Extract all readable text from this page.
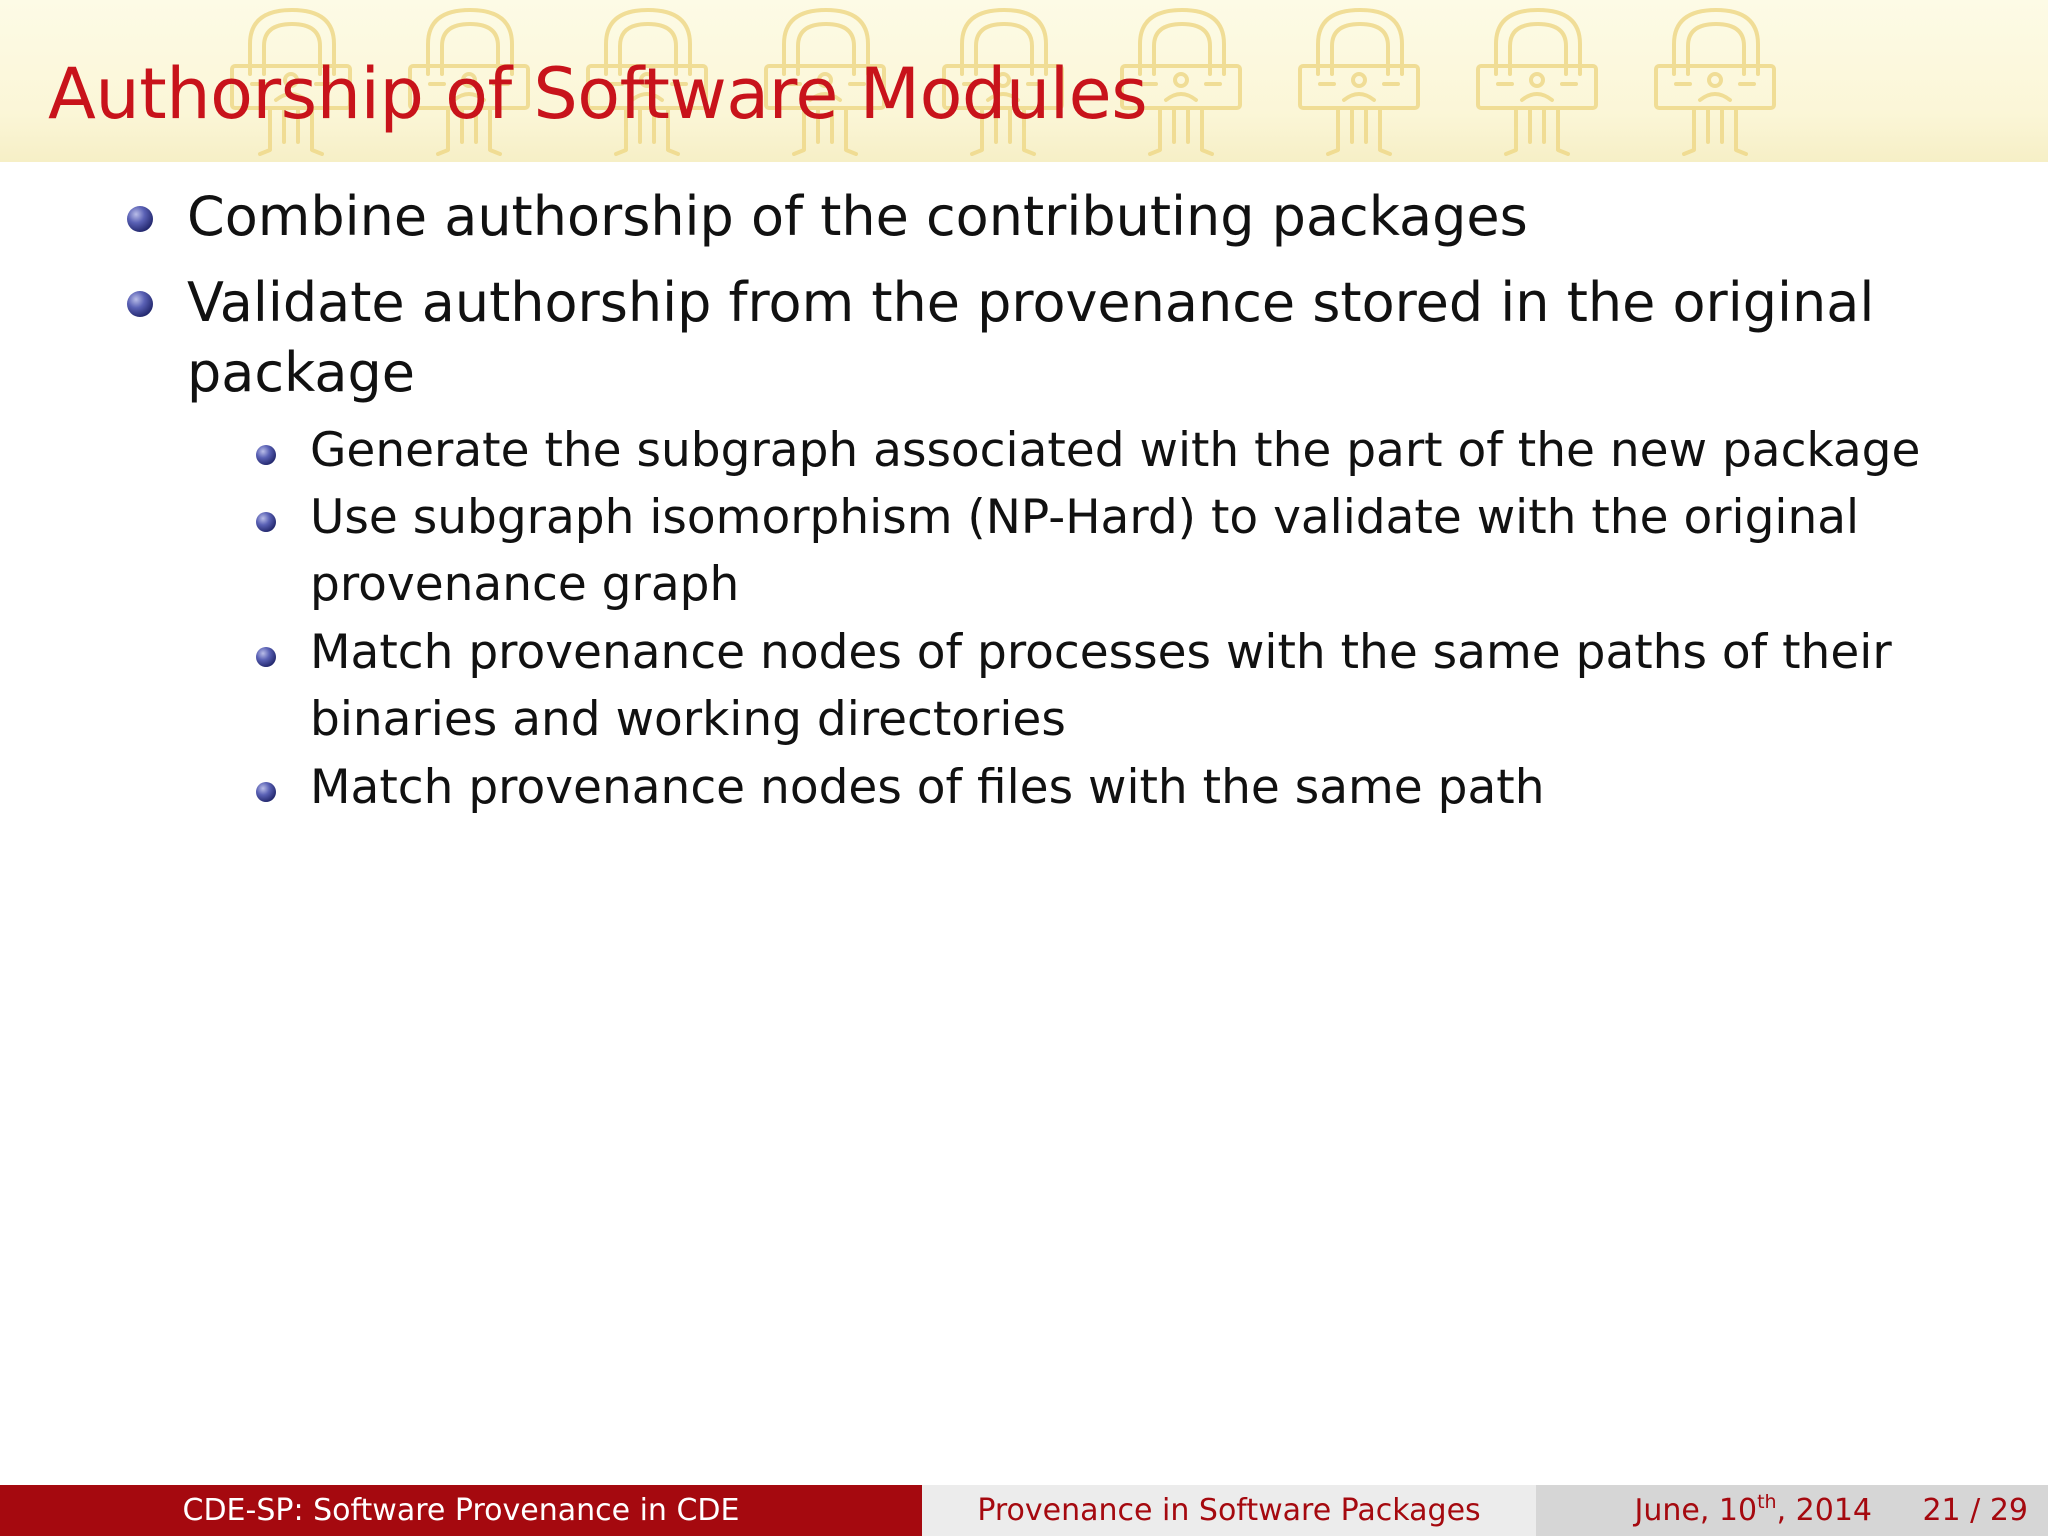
Authorship of Software Modules
Combine authorship of the contributing packages
Validate authorship from the provenance stored in the original
package
Generate the subgraph associated with the part of the new package
Use subgraph isomorphism (NP-Hard) to validate with the original
provenance graph
Match provenance nodes of processes with the same paths of their
binaries and working directories
Match provenance nodes of files with the same path
CDE-SP: Software Provenance in CDE	Provenance in Software Packages	June, 10th, 2014 21 / 29
